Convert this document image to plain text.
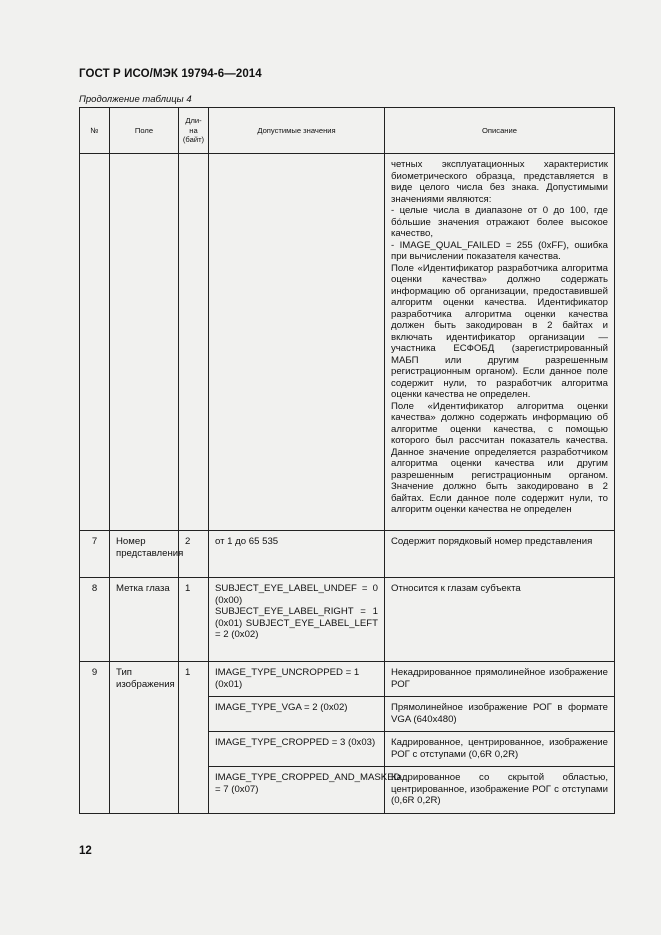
ГОСТ Р ИСО/МЭК 19794-6—2014
Продолжение таблицы 4
№	Поле	Дли-
на
(байт)	Допустимые значения	Описание

				четных эксплуатационных характеристик биометрического образца, представляется в виде целого числа без знака. Допустимыми значениями являются:

- целые числа в диапазоне от 0 до 100, где бóльшие значения отражают более высокое качество,

- IMAGE_QUAL_FAILED = 255 (0xFF), ошибка при вычислении показателя качества.

Поле «Идентификатор разработчика алгоритма оценки качества» должно содержать информацию об организации, предоставившей алгоритм оценки качества. Идентификатор разработчика алгоритма оценки качества должен быть закодирован в 2 байтах и включать идентификатор организации — участника ЕСФОБД (зарегистрированный МАБП или другим разрешенным регистрационным органом). Если данное поле содержит нули, то разработчик алгоритма оценки качества не определен.

Поле «Идентификатор алгоритма оценки качества» должно содержать информацию об алгоритме оценки качества, с помощью которого был рассчитан показатель качества. Данное значение определяется разработчиком алгоритма оценки качества или другим разрешенным регистрационным органом. Значение должно быть закодировано в 2 байтах. Если данное поле содержит нули, то алгоритм оценки качества не определен

7	Номер представления	2	от 1 до 65 535	Содержит порядковый номер представления
8	Метка глаза	1	SUBJECT_EYE_LABEL_UNDEF = 0 (0x00) SUBJECT_EYE_LABEL_RIGHT = 1 (0x01) SUBJECT_EYE_LABEL_LEFT = 2 (0x02)	Относится к глазам субъекта
9	Тип изображения	1	IMAGE_TYPE_UNCROPPED = 1 (0x01)	Некадрированное прямолинейное изображение РОГ
			IMAGE_TYPE_VGA = 2 (0x02)	Прямолинейное изображение РОГ в формате VGA (640x480)
			IMAGE_TYPE_CROPPED = 3 (0x03)	Кадрированное, центрированное, изображение РОГ с отступами (0,6R 0,2R)
			IMAGE_TYPE_CROPPED_AND_MASKED = 7 (0x07)	Кадрированное со скрытой областью, центрированное, изображение РОГ с отступами (0,6R 0,2R)
12
